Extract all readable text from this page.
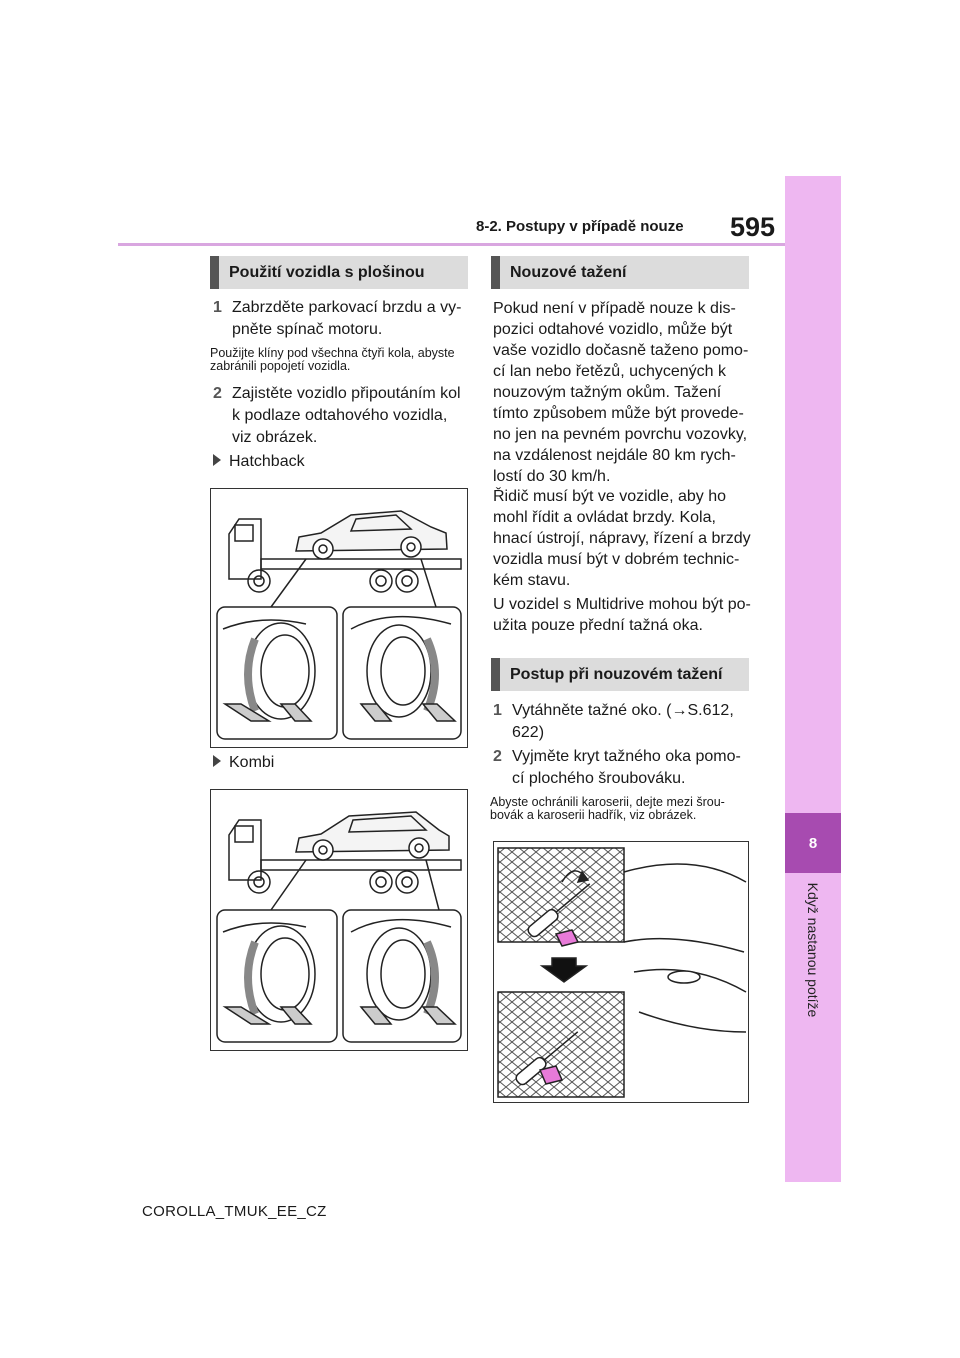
8-2. Postupy v případě nouze 595
8
Když nastanou potíže
Použití vozidla s plošinou
1 Zabrzděte parkovací brzdu a vy-pněte spínač motoru.
Použijte klíny pod všechna čtyři kola, abyste zabránili popojetí vozidla.
2 Zajistěte vozidlo připoutáním kol k podlaze odtahového vozidla, viz obrázek.
Hatchback
Kombi
Nouzové tažení
Pokud není v případě nouze k dis-pozici odtahové vozidlo, může být vaše vozidlo dočasně taženo pomo-cí lan nebo řetězů, uchycených k nouzovým tažným okům. Tažení tímto způsobem může být provede-no jen na pevném povrchu vozovky, na vzdálenost nejdále 80 km rych-lostí do 30 km/h.
Řidič musí být ve vozidle, aby ho mohl řídit a ovládat brzdy. Kola, hnací ústrojí, nápravy, řízení a brzdy vozidla musí být v dobrém technic-kém stavu.
U vozidel s Multidrive mohou být po-užita pouze přední tažná oka.
Postup při nouzovém tažení
1 Vytáhněte tažné oko. (→S.612, 622)
2 Vyjměte kryt tažného oka pomo-cí plochého šroubováku.
Abyste ochránili karoserii, dejte mezi šrou-bovák a karoserii hadřík, viz obrázek.
COROLLA_TMUK_EE_CZ
